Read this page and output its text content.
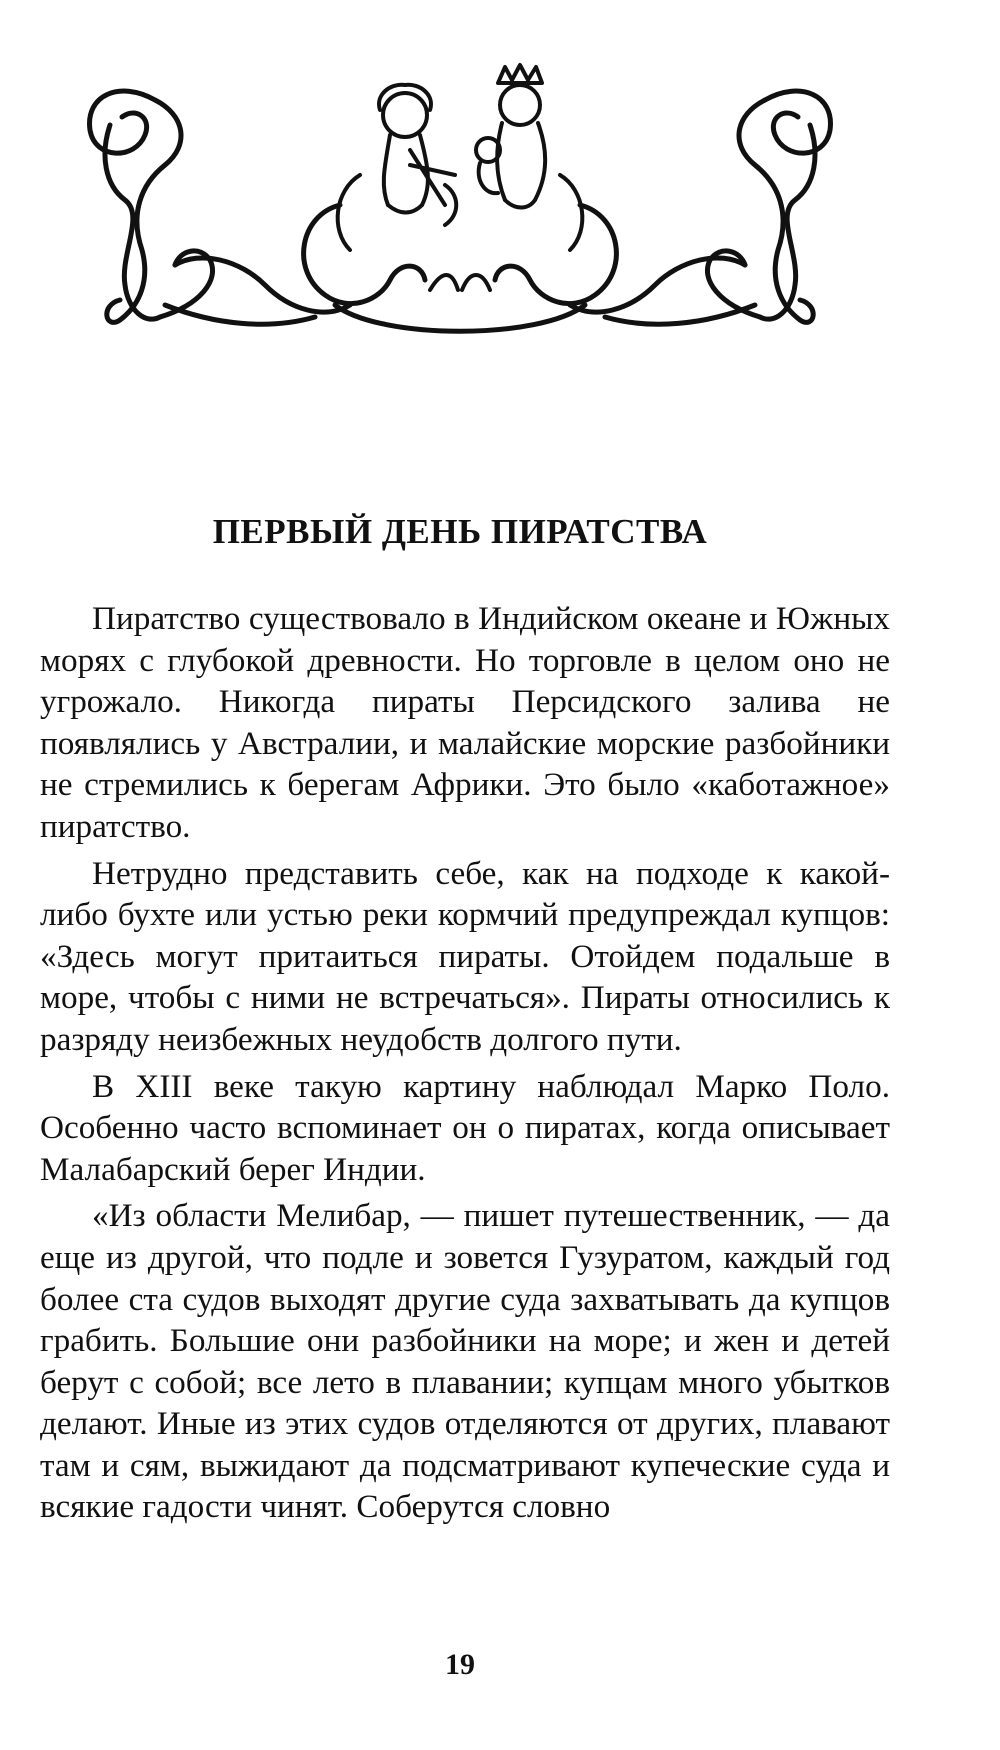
ПЕРВЫЙ ДЕНЬ ПИРАТСТВА

Пиратство существовало в Индийском океане и Южных морях с глубокой древности. Но торговле в целом оно не угрожало. Никогда пираты Персидского залива не появлялись у Австралии, и малайские морские разбойники не стремились к берегам Африки. Это было «каботажное» пиратство.

Нетрудно представить себе, как на подходе к какой-либо бухте или устью реки кормчий предупреждал купцов: «Здесь могут притаиться пираты. Отойдем подальше в море, чтобы с ними не встречаться». Пираты относились к разряду неизбежных неудобств долгого пути.

В XIII веке такую картину наблюдал Марко Поло. Особенно часто вспоминает он о пиратах, когда описывает Малабарский берег Индии.

«Из области Мелибар, — пишет путешественник, — да еще из другой, что подле и зовется Гузуратом, каждый год более ста судов выходят другие суда захватывать да купцов грабить. Большие они разбойники на море; и жен и детей берут с собой; все лето в плавании; купцам много убытков делают. Иные из этих судов отделяются от других, плавают там и сям, выжидают да подсматривают купеческие суда и всякие гадости чинят. Соберутся словно

19
